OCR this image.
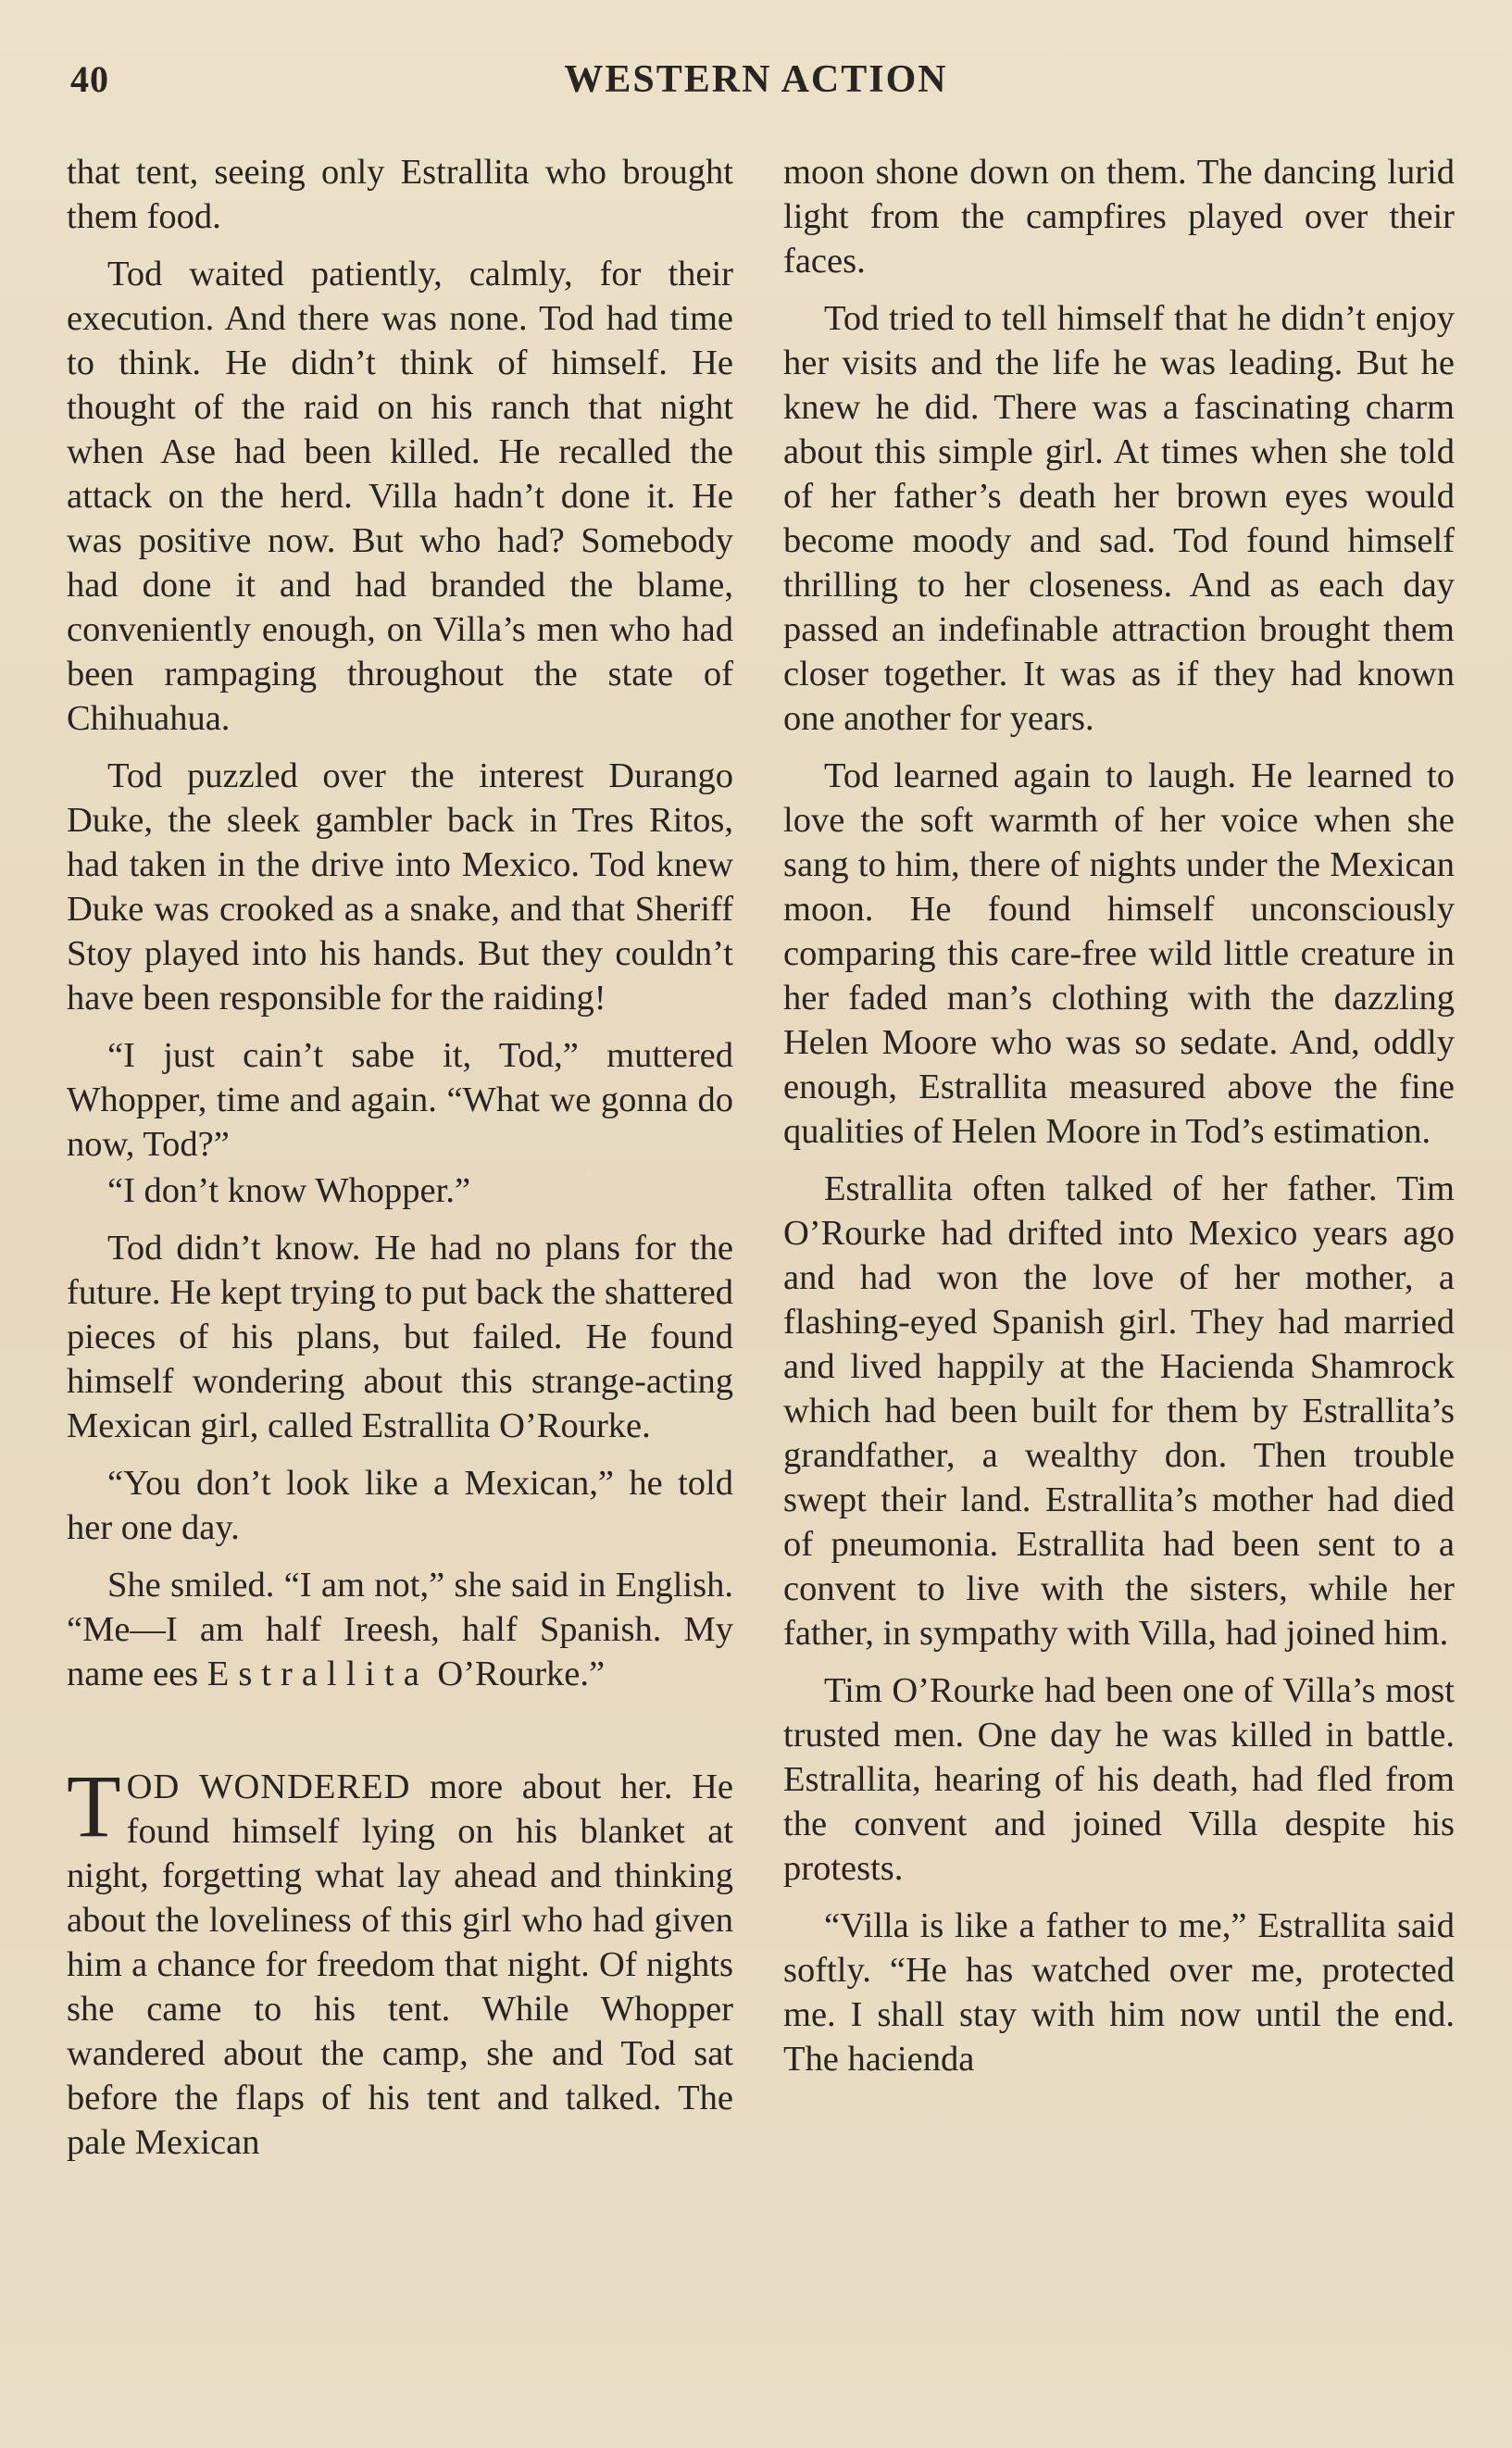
40	WESTERN ACTION

that tent, seeing only Estrallita who brought them food.

Tod waited patiently, calmly, for their execution. And there was none. Tod had time to think. He didn’t think of himself. He thought of the raid on his ranch that night when Ase had been killed. He recalled the attack on the herd. Villa hadn’t done it. He was positive now. But who had? Somebody had done it and had branded the blame, conveniently enough, on Villa’s men who had been rampaging throughout the state of Chihuahua.

Tod puzzled over the interest Durango Duke, the sleek gambler back in Tres Ritos, had taken in the drive into Mexico. Tod knew Duke was crooked as a snake, and that Sheriff Stoy played into his hands. But they couldn’t have been responsible for the raiding!

“I just cain’t sabe it, Tod,” muttered Whopper, time and again. “What we gonna do now, Tod?”

“I don’t know Whopper.”

Tod didn’t know. He had no plans for the future. He kept trying to put back the shattered pieces of his plans, but failed. He found himself wondering about this strange-acting Mexican girl, called Estrallita O’Rourke.

“You don’t look like a Mexican,” he told her one day.

She smiled. “I am not,” she said in English. “Me—I am half Ireesh, half Spanish. My name ees Estrallita O’Rourke.”

TOD WONDERED more about her. He found himself lying on his blanket at night, forgetting what lay ahead and thinking about the loveliness of this girl who had given him a chance for freedom that night. Of nights she came to his tent. While Whopper wandered about the camp, she and Tod sat before the flaps of his tent and talked. The pale Mexican

moon shone down on them. The dancing lurid light from the campfires played over their faces.

Tod tried to tell himself that he didn’t enjoy her visits and the life he was leading. But he knew he did. There was a fascinating charm about this simple girl. At times when she told of her father’s death her brown eyes would become moody and sad. Tod found himself thrilling to her closeness. And as each day passed an indefinable attraction brought them closer together. It was as if they had known one another for years.

Tod learned again to laugh. He learned to love the soft warmth of her voice when she sang to him, there of nights under the Mexican moon. He found himself unconsciously comparing this care-free wild little creature in her faded man’s clothing with the dazzling Helen Moore who was so sedate. And, oddly enough, Estrallita measured above the fine qualities of Helen Moore in Tod’s estimation.

Estrallita often talked of her father. Tim O’Rourke had drifted into Mexico years ago and had won the love of her mother, a flashing-eyed Spanish girl. They had married and lived happily at the Hacienda Shamrock which had been built for them by Estrallita’s grandfather, a wealthy don. Then trouble swept their land. Estrallita’s mother had died of pneumonia. Estrallita had been sent to a convent to live with the sisters, while her father, in sympathy with Villa, had joined him.

Tim O’Rourke had been one of Villa’s most trusted men. One day he was killed in battle. Estrallita, hearing of his death, had fled from the convent and joined Villa despite his protests.

“Villa is like a father to me,” Estrallita said softly. “He has watched over me, protected me. I shall stay with him now until the end. The hacienda
